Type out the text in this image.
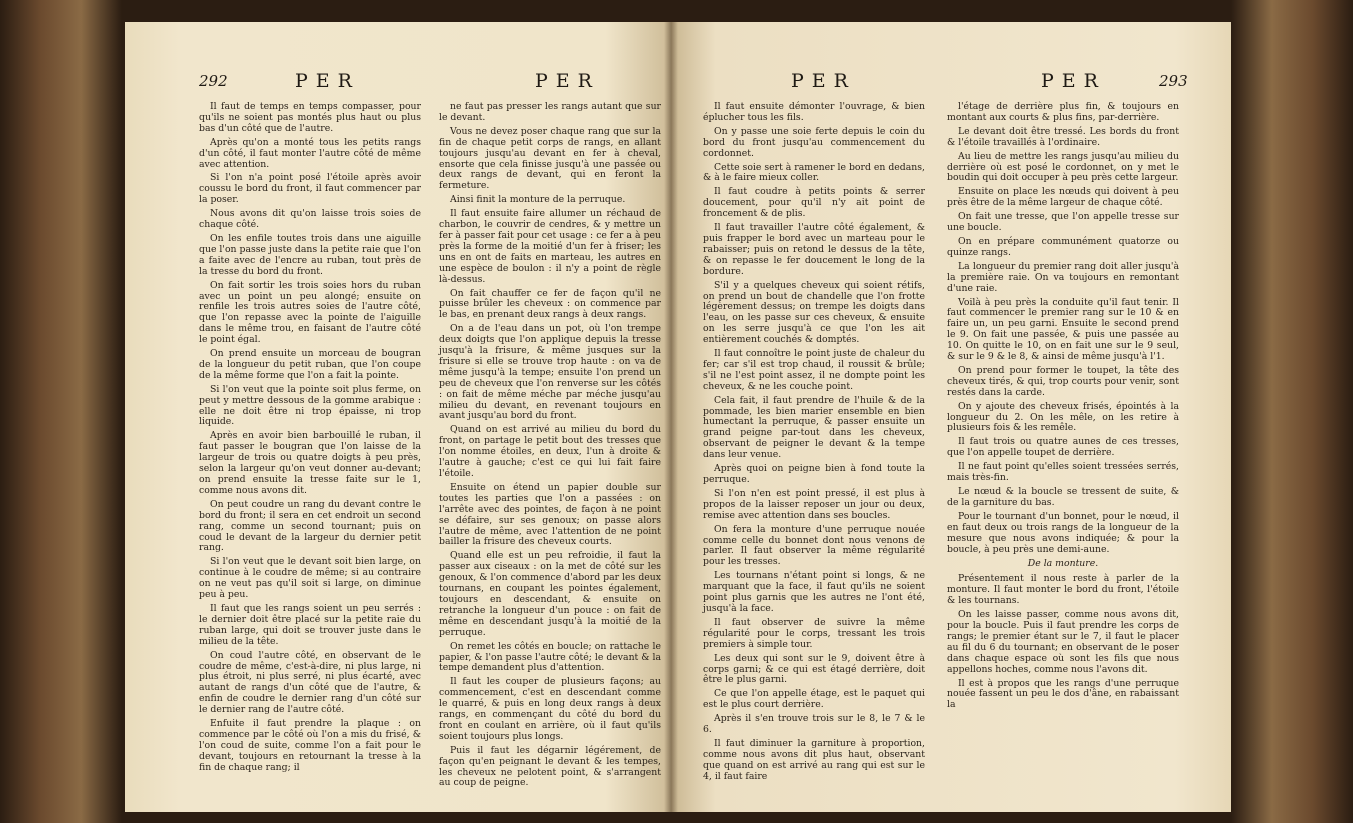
292	PER	PER

Il faut de temps en temps compasser, pour qu'ils ne soient pas montés plus haut ou plus bas d'un côté que de l'autre.

Après qu'on a monté tous les petits rangs d'un côté, il faut monter l'autre côté de même avec attention.

Si l'on n'a point posé l'étoile après avoir coussu le bord du front, il faut commencer par la poser.

Nous avons dit qu'on laisse trois soies de chaque côté.

On les enfile toutes trois dans une aiguille que l'on passe juste dans la petite raie que l'on a faite avec de l'encre au ruban, tout près de la tresse du bord du front.

On fait sortir les trois soies hors du ruban avec un point un peu alongé; ensuite on renfile les trois autres soies de l'autre côté, que l'on repasse avec la pointe de l'aiguille dans le même trou, en faisant de l'autre côté le point égal.

On prend ensuite un morceau de bougran de la longueur du petit ruban, que l'on coupe de la même forme que l'on a fait la pointe.

Si l'on veut que la pointe soit plus ferme, on peut y mettre dessous de la gomme arabique : elle ne doit être ni trop épaisse, ni trop liquide.

Après en avoir bien barbouillé le ruban, il faut passer le bougran que l'on laisse de la largeur de trois ou quatre doigts à peu près, selon la largeur qu'on veut donner au-devant; on prend ensuite la tresse faite sur le 1, comme nous avons dit.

On peut coudre un rang du devant contre le bord du front; il sera en cet endroit un second rang, comme un second tournant; puis on coud le devant de la largeur du dernier petit rang.

Si l'on veut que le devant soit bien large, on continue à le coudre de même; si au contraire on ne veut pas qu'il soit si large, on diminue peu à peu.

Il faut que les rangs soient un peu serrés : le dernier doit être placé sur la petite raie du ruban large, qui doit se trouver juste dans le milieu de la tête.

On coud l'autre côté, en observant de le coudre de même, c'est-à-dire, ni plus large, ni plus étroit, ni plus serré, ni plus écarté, avec autant de rangs d'un côté que de l'autre, & enfin de coudre le dernier rang d'un côté sur le dernier rang de l'autre côté.

Enfuite il faut prendre la plaque : on commence par le côté où l'on a mis du frisé, & l'on coud de suite, comme l'on a fait pour le devant, toujours en retournant la tresse à la fin de chaque rang; il

ne faut pas presser les rangs autant que sur le devant.

Vous ne devez poser chaque rang que sur la fin de chaque petit corps de rangs, en allant toujours jusqu'au devant en fer à cheval, ensorte que cela finisse jusqu'à une passée ou deux rangs de devant, qui en feront la fermeture.

Ainsi finit la monture de la perruque.

Il faut ensuite faire allumer un réchaud de charbon, le couvrir de cendres, & y mettre un fer à passer fait pour cet usage : ce fer a à peu près la forme de la moitié d'un fer à friser; les uns en ont de faits en marteau, les autres en une espèce de boulon : il n'y a point de règle là-dessus.

On fait chauffer ce fer de façon qu'il ne puisse brûler les cheveux : on commence par le bas, en prenant deux rangs à deux rangs.

On a de l'eau dans un pot, où l'on trempe deux doigts que l'on applique depuis la tresse jusqu'à la frisure, & même jusques sur la frisure si elle se trouve trop haute : on va de même jusqu'à la tempe; ensuite l'on prend un peu de cheveux que l'on renverse sur les côtés : on fait de même méche par méche jusqu'au milieu du devant, en revenant toujours en avant jusqu'au bord du front.

Quand on est arrivé au milieu du bord du front, on partage le petit bout des tresses que l'on nomme étoiles, en deux, l'un à droite & l'autre à gauche; c'est ce qui lui fait faire l'étoile.

Ensuite on étend un papier double sur toutes les parties que l'on a passées : on l'arrête avec des pointes, de façon à ne point se défaire, sur ses genoux; on passe alors l'autre de même, avec l'attention de ne point bailler la frisure des cheveux courts.

Quand elle est un peu refroidie, il faut la passer aux ciseaux : on la met de côté sur les genoux, & l'on commence d'abord par les deux tournans, en coupant les pointes également, toujours en descendant, & ensuite on retranche la longueur d'un pouce : on fait de même en descendant jusqu'à la moitié de la perruque.

On remet les côtés en boucle; on rattache le papier, & l'on passe l'autre côté; le devant & la tempe demandent plus d'attention.

Il faut les couper de plusieurs façons; au commencement, c'est en descendant comme le quarré, & puis en long deux rangs à deux rangs, en commençant du côté du bord du front en coulant en arrière, où il faut qu'ils soient toujours plus longs.

Puis il faut les dégarnir légérement, de façon qu'en peignant le devant & les tempes, les cheveux ne pelotent point, & s'arrangent au coup de peigne.

PER	PER	293

Il faut ensuite démonter l'ouvrage, & bien éplucher tous les fils.

On y passe une soie ferte depuis le coin du bord du front jusqu'au commencement du cordonnet.

Cette soie sert à ramener le bord en dedans, & à le faire mieux coller.

Il faut coudre à petits points & serrer doucement, pour qu'il n'y ait point de froncement & de plis.

Il faut travailler l'autre côté également, & puis frapper le bord avec un marteau pour le rabaisser; puis on retond le dessus de la tête, & on repasse le fer doucement le long de la bordure.

S'il y a quelques cheveux qui soient rétifs, on prend un bout de chandelle que l'on frotte légèrement dessus; on trempe les doigts dans l'eau, on les passe sur ces cheveux, & ensuite on les serre jusqu'à ce que l'on les ait entièrement couchés & domptés.

Il faut connoître le point juste de chaleur du fer; car s'il est trop chaud, il roussit & brûle; s'il ne l'est point assez, il ne dompte point les cheveux, & ne les couche point.

Cela fait, il faut prendre de l'huile & de la pommade, les bien marier ensemble en bien humectant la perruque, & passer ensuite un grand peigne par-tout dans les cheveux, observant de peigner le devant & la tempe dans leur venue.

Après quoi on peigne bien à fond toute la perruque.

Si l'on n'en est point pressé, il est plus à propos de la laisser reposer un jour ou deux, remise avec attention dans ses boucles.

On fera la monture d'une perruque nouée comme celle du bonnet dont nous venons de parler. Il faut observer la même régularité pour les tresses.

Les tournans n'étant point si longs, & ne marquant que la face, il faut qu'ils ne soient point plus garnis que les autres ne l'ont été, jusqu'à la face.

Il faut observer de suivre la même régularité pour le corps, tressant les trois premiers à simple tour.

Les deux qui sont sur le 9, doivent être à corps garni; & ce qui est étagé derrière, doit être le plus garni.

Ce que l'on appelle étage, est le paquet qui est le plus court derrière.

Après il s'en trouve trois sur le 8, le 7 & le 6.

Il faut diminuer la garniture à proportion, comme nous avons dit plus haut, observant que quand on est arrivé au rang qui est sur le 4, il faut faire

l'étage de derrière plus fin, & toujours en montant aux courts & plus fins, par-derrière.

Le devant doit être tressé. Les bords du front & l'étoile travaillés à l'ordinaire.

Au lieu de mettre les rangs jusqu'au milieu du derrière où est posé le cordonnet, on y met le boudin qui doit occuper à peu près cette largeur.

Ensuite on place les nœuds qui doivent à peu près être de la même largeur de chaque côté.

On fait une tresse, que l'on appelle tresse sur une boucle.

On en prépare communément quatorze ou quinze rangs.

La longueur du premier rang doit aller jusqu'à la première raie. On va toujours en remontant d'une raie.

Voilà à peu près la conduite qu'il faut tenir. Il faut commencer le premier rang sur le 10 & en faire un, un peu garni. Ensuite le second prend le 9. On fait une passée, & puis une passée au 10. On quitte le 10, on en fait une sur le 9 seul, & sur le 9 & le 8, & ainsi de même jusqu'à l'1.

On prend pour former le toupet, la tête des cheveux tirés, & qui, trop courts pour venir, sont restés dans la carde.

On y ajoute des cheveux frisés, épointés à la longueur du 2. On les mêle, on les retire à plusieurs fois & les remêle.

Il faut trois ou quatre aunes de ces tresses, que l'on appelle toupet de derrière.

Il ne faut point qu'elles soient tressées serrés, mais très-fin.

Le nœud & la boucle se tressent de suite, & de la garniture du bas.

Pour le tournant d'un bonnet, pour le nœud, il en faut deux ou trois rangs de la longueur de la mesure que nous avons indiquée; & pour la boucle, à peu près une demi-aune.

De la monture.

Présentement il nous reste à parler de la monture. Il faut monter le bord du front, l'étoile & les tournans.

On les laisse passer, comme nous avons dit, pour la boucle. Puis il faut prendre les corps de rangs; le premier étant sur le 7, il faut le placer au fil du 6 du tournant; en observant de le poser dans chaque espace où sont les fils que nous appellons hoches, comme nous l'avons dit.

Il est à propos que les rangs d'une perruque nouée fassent un peu le dos d'âne, en rabaissant la
